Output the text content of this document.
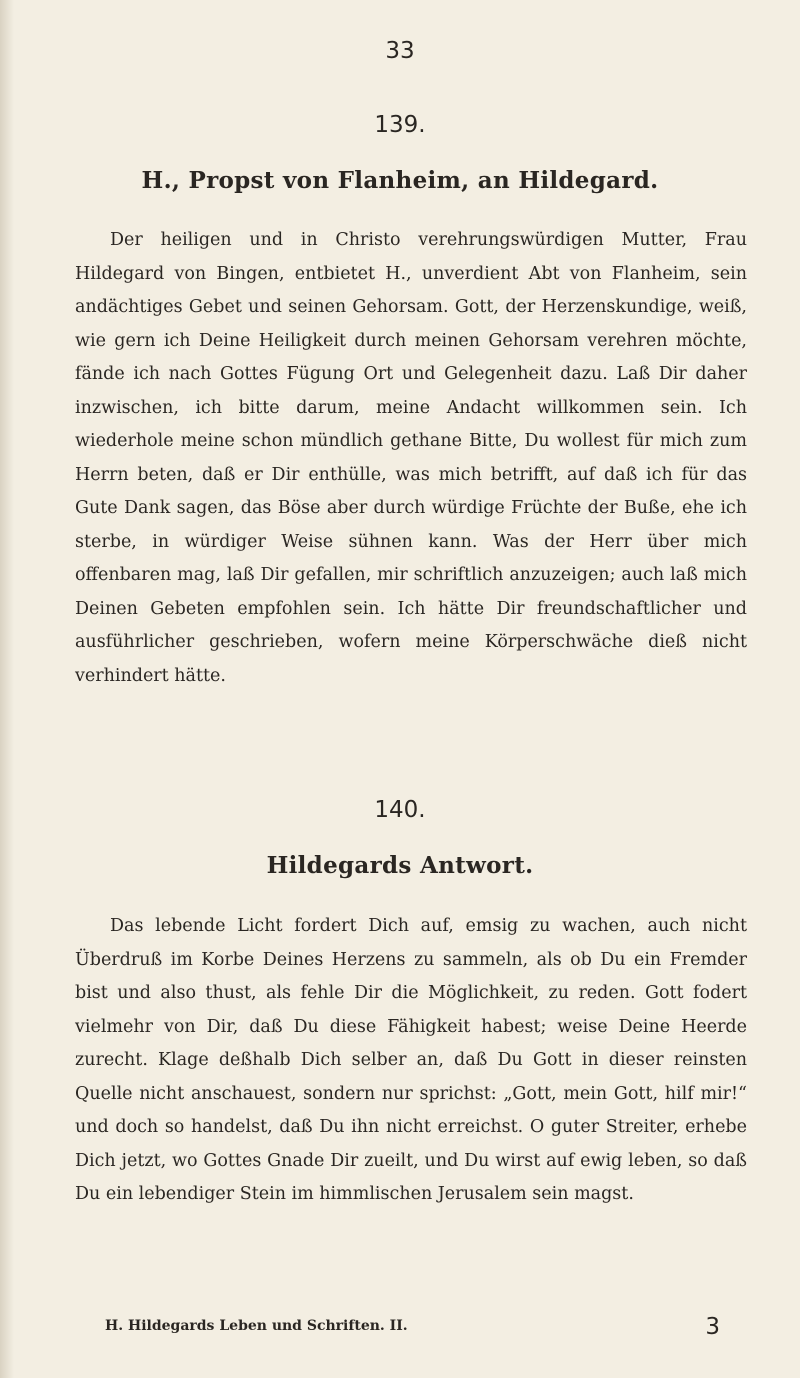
33
139.
H., Propst von Flanheim, an Hildegard.

Der heiligen und in Christo verehrungswürdigen Mutter, Frau Hildegard von Bingen, entbietet H., unverdient Abt von Flanheim, sein andächtiges Gebet und seinen Gehorsam. Gott, der Herzenskundige, weiß, wie gern ich Deine Heiligkeit durch meinen Gehorsam verehren möchte, fände ich nach Gottes Fügung Ort und Gelegenheit dazu. Laß Dir daher inzwischen, ich bitte darum, meine Andacht willkommen sein. Ich wiederhole meine schon mündlich gethane Bitte, Du wollest für mich zum Herrn beten, daß er Dir enthülle, was mich betrifft, auf daß ich für das Gute Dank sagen, das Böse aber durch würdige Früchte der Buße, ehe ich sterbe, in würdiger Weise sühnen kann. Was der Herr über mich offenbaren mag, laß Dir gefallen, mir schriftlich anzuzeigen; auch laß mich Deinen Gebeten empfohlen sein. Ich hätte Dir freundschaftlicher und ausführlicher geschrieben, wofern meine Körperschwäche dieß nicht verhindert hätte.

140.
Hildegards Antwort.

Das lebende Licht fordert Dich auf, emsig zu wachen, auch nicht Überdruß im Korbe Deines Herzens zu sammeln, als ob Du ein Fremder bist und also thust, als fehle Dir die Möglichkeit, zu reden. Gott fodert vielmehr von Dir, daß Du diese Fähigkeit habest; weise Deine Heerde zurecht. Klage deßhalb Dich selber an, daß Du Gott in dieser reinsten Quelle nicht anschauest, sondern nur sprichst: „Gott, mein Gott, hilf mir!“ und doch so handelst, daß Du ihn nicht erreichst. O guter Streiter, erhebe Dich jetzt, wo Gottes Gnade Dir zueilt, und Du wirst auf ewig leben, so daß Du ein lebendiger Stein im himmlischen Jerusalem sein magst.

H. Hildegards Leben und Schriften. II.	3
